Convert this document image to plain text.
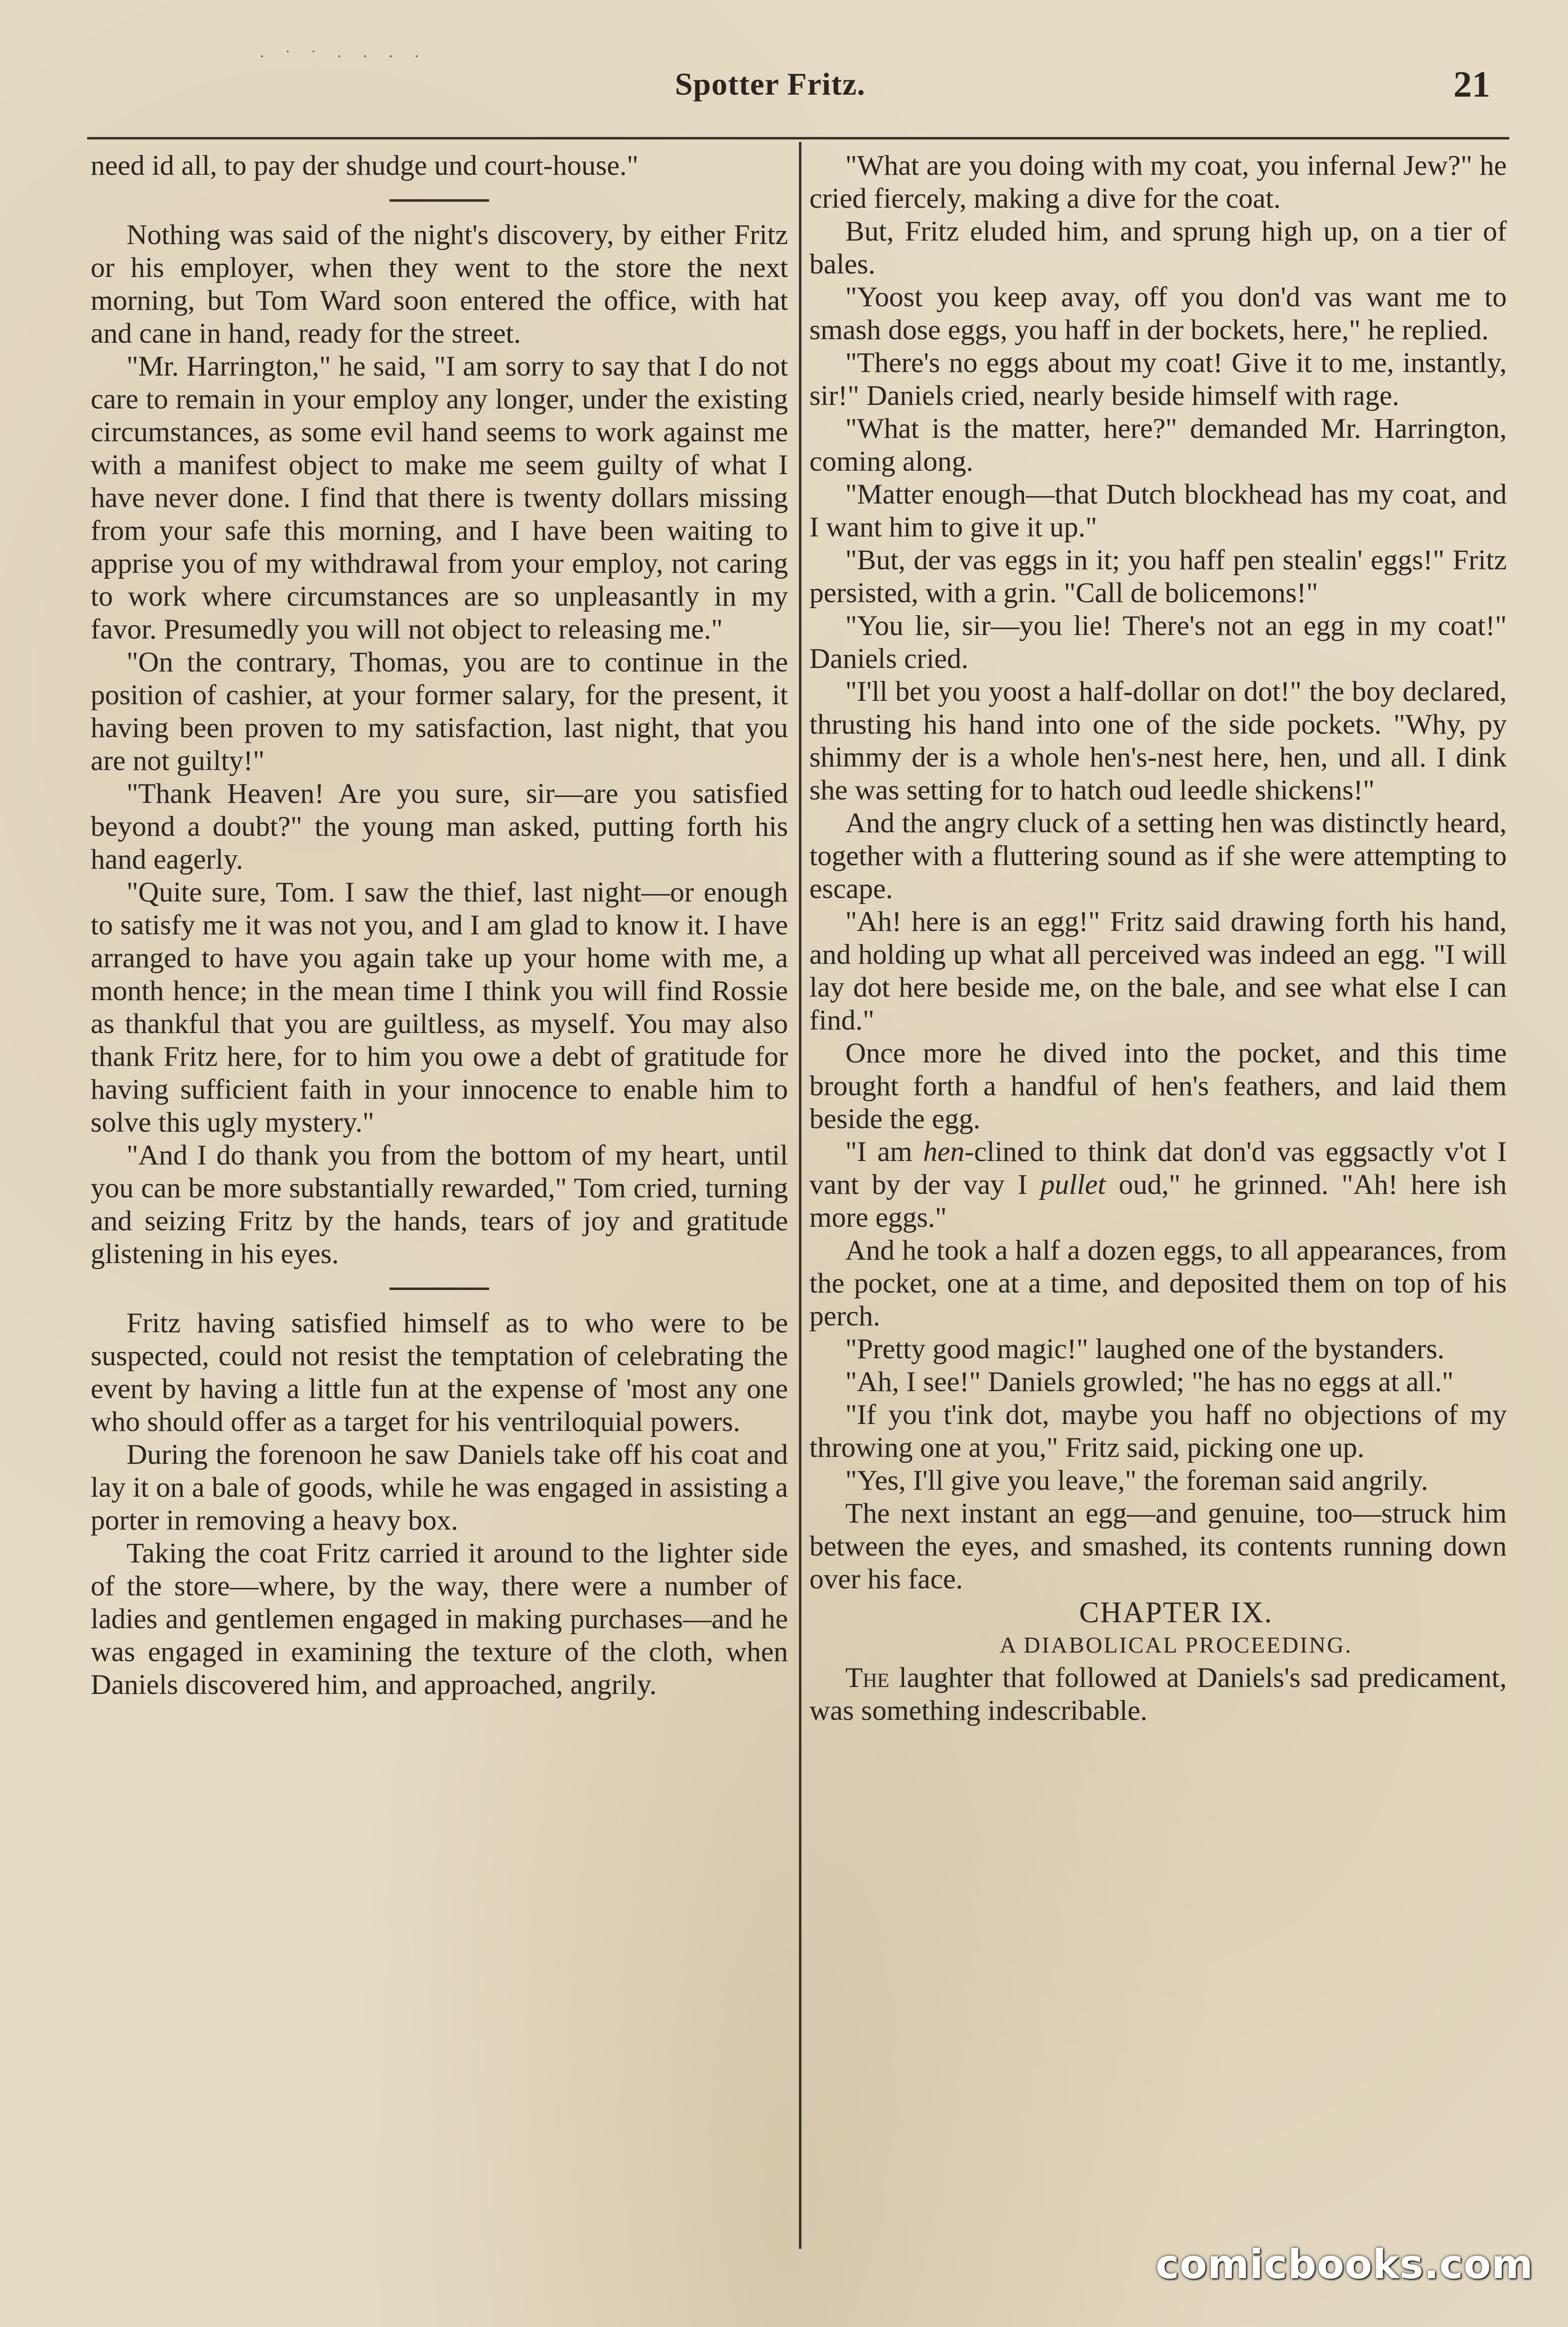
· ˙ ˙ · · · ·
Spotter Fritz.	21

need id all, to pay der shudge und court-house."

Nothing was said of the night's discovery, by either Fritz or his employer, when they went to the store the next morning, but Tom Ward soon entered the office, with hat and cane in hand, ready for the street.

"Mr. Harrington," he said, "I am sorry to say that I do not care to remain in your employ any longer, under the existing circumstances, as some evil hand seems to work against me with a manifest object to make me seem guilty of what I have never done. I find that there is twenty dollars missing from your safe this morning, and I have been waiting to apprise you of my withdrawal from your employ, not caring to work where circumstances are so unpleasantly in my favor. Presumedly you will not object to releasing me."

"On the contrary, Thomas, you are to continue in the position of cashier, at your former salary, for the present, it having been proven to my satisfaction, last night, that you are not guilty!"

"Thank Heaven! Are you sure, sir—are you satisfied beyond a doubt?" the young man asked, putting forth his hand eagerly.

"Quite sure, Tom. I saw the thief, last night—or enough to satisfy me it was not you, and I am glad to know it. I have arranged to have you again take up your home with me, a month hence; in the mean time I think you will find Rossie as thankful that you are guiltless, as myself. You may also thank Fritz here, for to him you owe a debt of gratitude for having sufficient faith in your innocence to enable him to solve this ugly mystery."

"And I do thank you from the bottom of my heart, until you can be more substantially rewarded," Tom cried, turning and seizing Fritz by the hands, tears of joy and gratitude glistening in his eyes.

Fritz having satisfied himself as to who were to be suspected, could not resist the temptation of celebrating the event by having a little fun at the expense of 'most any one who should offer as a target for his ventriloquial powers.

During the forenoon he saw Daniels take off his coat and lay it on a bale of goods, while he was engaged in assisting a porter in removing a heavy box.

Taking the coat Fritz carried it around to the lighter side of the store—where, by the way, there were a number of ladies and gentlemen engaged in making purchases—and he was engaged in examining the texture of the cloth, when Daniels discovered him, and approached, angrily.

"What are you doing with my coat, you infernal Jew?" he cried fiercely, making a dive for the coat.

But, Fritz eluded him, and sprung high up, on a tier of bales.

"Yoost you keep avay, off you don'd vas want me to smash dose eggs, you haff in der bockets, here," he replied.

"There's no eggs about my coat! Give it to me, instantly, sir!" Daniels cried, nearly beside himself with rage.

"What is the matter, here?" demanded Mr. Harrington, coming along.

"Matter enough—that Dutch blockhead has my coat, and I want him to give it up."

"But, der vas eggs in it; you haff pen stealin' eggs!" Fritz persisted, with a grin. "Call de bolicemons!"

"You lie, sir—you lie! There's not an egg in my coat!" Daniels cried.

"I'll bet you yoost a half-dollar on dot!" the boy declared, thrusting his hand into one of the side pockets. "Why, py shimmy der is a whole hen's-nest here, hen, und all. I dink she was setting for to hatch oud leedle shickens!"

And the angry cluck of a setting hen was distinctly heard, together with a fluttering sound as if she were attempting to escape.

"Ah! here is an egg!" Fritz said drawing forth his hand, and holding up what all perceived was indeed an egg. "I will lay dot here beside me, on the bale, and see what else I can find."

Once more he dived into the pocket, and this time brought forth a handful of hen's feathers, and laid them beside the egg.

"I am hen-clined to think dat don'd vas eggsactly v'ot I vant by der vay I pullet oud," he grinned. "Ah! here ish more eggs."

And he took a half a dozen eggs, to all appearances, from the pocket, one at a time, and deposited them on top of his perch.

"Pretty good magic!" laughed one of the bystanders.

"Ah, I see!" Daniels growled; "he has no eggs at all."

"If you t'ink dot, maybe you haff no objections of my throwing one at you," Fritz said, picking one up.

"Yes, I'll give you leave," the foreman said angrily.

The next instant an egg—and genuine, too—struck him between the eyes, and smashed, its contents running down over his face.

CHAPTER IX.

A DIABOLICAL PROCEEDING.

The laughter that followed at Daniels's sad predicament, was something indescribable.

comicbooks.com
